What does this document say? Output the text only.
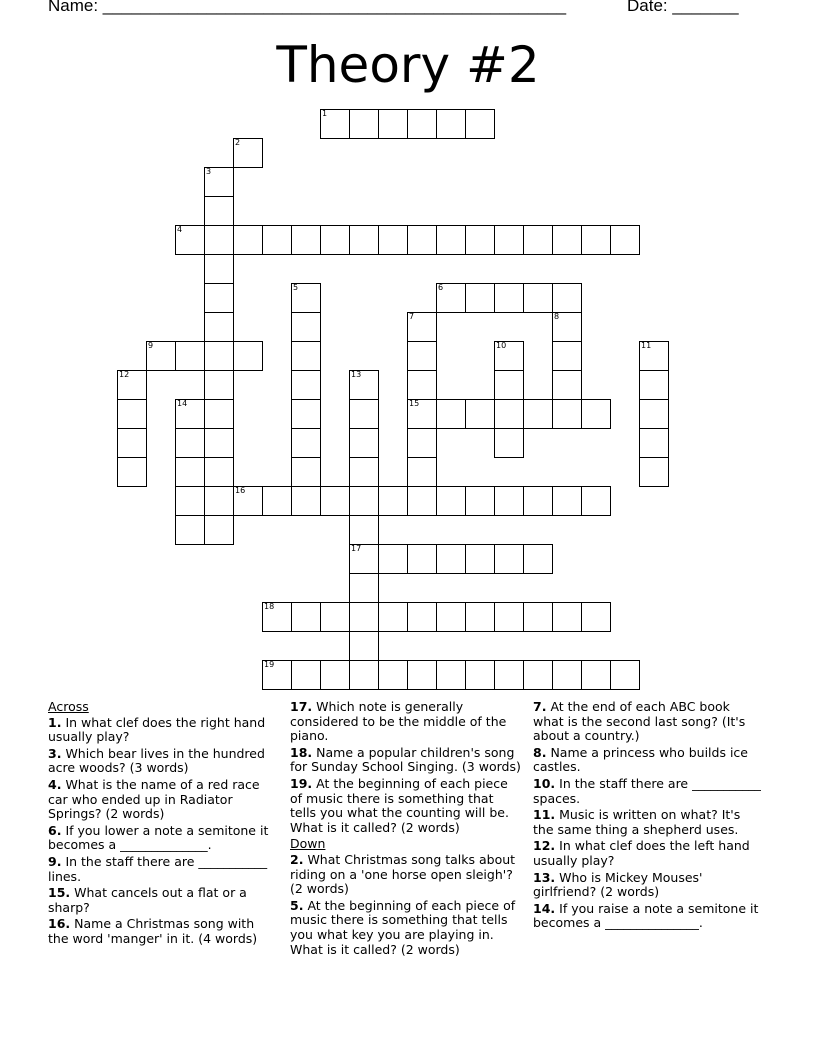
Name: _________________________________________________	Date: _______
Theory #2
1
2
3
4
5	6
7
15
8
9	10	11
12	13
17
14
16
18
19
Across
1. In what clef does the right hand usually play?
3. Which bear lives in the hundred acre woods? (3 words)
4. What is the name of a red race car who ended up in Radiator Springs? (2 words)
6. If you lower a note a semitone it becomes a ______________.
9. In the staff there are ___________ lines.
15. What cancels out a flat or a sharp?
16. Name a Christmas song with the word 'manger' in it. (4 words)
17. Which note is generally considered to be the middle of the piano.
18. Name a popular children's song for Sunday School Singing. (3 words)
19. At the beginning of each piece of music there is something that tells you what the counting will be. What is it called? (2 words)
Down
2. What Christmas song talks about riding on a 'one horse open sleigh'? (2 words)
5. At the beginning of each piece of music there is something that tells you what key you are playing in. What is it called? (2 words)
7. At the end of each ABC book what is the second last song? (It's about a country.)
8. Name a princess who builds ice castles.
10. In the staff there are ___________ spaces.
11. Music is written on what? It's the same thing a shepherd uses.
12. In what clef does the left hand usually play?
13. Who is Mickey Mouses' girlfriend? (2 words)
14. If you raise a note a semitone it becomes a _______________.
